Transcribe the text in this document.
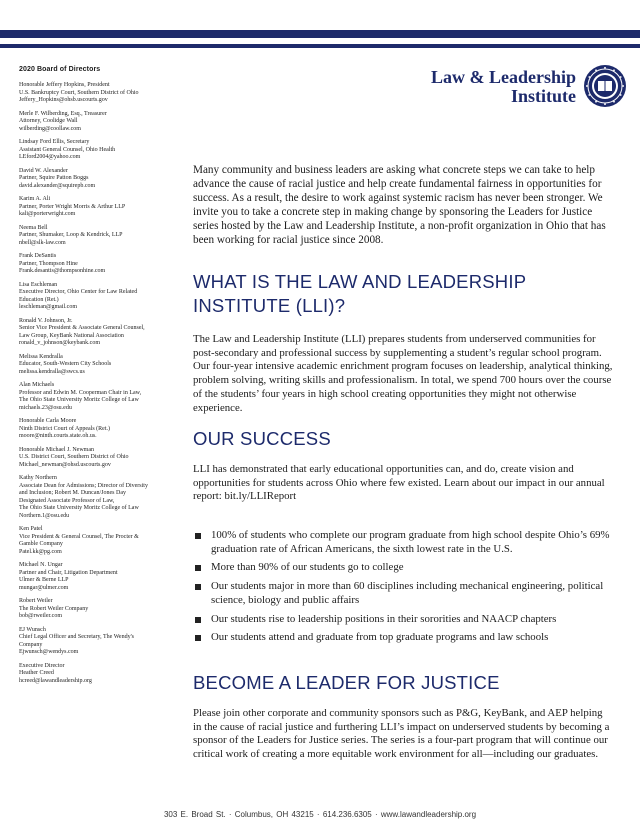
2020 Board of Directors
Honorable Jeffery Hopkins, President
U.S. Bankruptcy Court, Southern District of Ohio
Jeffery_Hopkins@ohsb.uscourts.gov
Merle F. Wilberding, Esq., Treasurer
Attorney, Coolidge Wall
wilberding@coollaw.com
Lindsay Ford Ellis, Secretary
Assistant General Counsel, Ohio Health
LEford2004@yahoo.com
David W. Alexander
Partner, Squire Patton Boggs
david.alexander@squirepb.com
Karim A. Ali
Partner, Porter Wright Morris & Arthur LLP
kali@porterwright.com
Neema Bell
Partner, Shumaker, Loop & Kendrick, LLP
nbell@slk-law.com
Frank DeSantis
Partner, Thompson Hine
Frank.desantis@thompsonhine.com
Lisa Eschleman
Executive Director, Ohio Center for Law Related
Education (Ret.)
leschleman@gmail.com
Ronald V. Johnson, Jr.
Senior Vice President & Associate General Counsel,
Law Group, KeyBank National Association
ronald_v_johnson@keybank.com
Melissa Kendralla
Educator, South-Western City Schools
melissa.kendralla@swcs.us
Alan Michaels
Professor and Edwin M. Cooperman Chair in Law,
The Ohio State University Moritz College of Law
michaels.23@osu.edu
Honorable Carla Moore
Ninth District Court of Appeals (Ret.)
moore@ninth.courts.state.oh.us.
Honorable Michael J. Newman
U.S. District Court, Southern District of Ohio
Michael_newman@ohsd.uscourts.gov
Kathy Northern
Associate Dean for Admissions; Director of Diversity
and Inclusion; Robert M. Duncan/Jones Day
Designated Associate Professor of Law,
The Ohio State University Moritz College of Law
Northern.1@osu.edu
Ken Patel
Vice President & General Counsel, The Procter &
Gamble Company
Patel.kk@pg.com
Michael N. Ungar
Partner and Chair, Litigation Department
Ulmer & Berne LLP
mungar@ulmer.com
Robert Weiler
The Robert Weiler Company
bob@rweiler.com
EJ Wunsch
Chief Legal Officer and Secretary, The Wendy's
Company
Ejwunsch@wendys.com
Executive Director
Heather Creed
hcreed@lawandleadership.org
Law & Leadership
Institute

Many community and business leaders are asking what concrete steps we can take to help advance the cause of racial justice and help create fundamental fairness in opportunities for success. As a result, the desire to work against systemic racism has never been stronger. We invite you to take a concrete step in making change by sponsoring the Leaders for Justice series hosted by the Law and Leadership Institute, a non-profit organization in Ohio that has been working for racial justice since 2008.

WHAT IS THE LAW AND LEADERSHIP INSTITUTE (LLI)?

The Law and Leadership Institute (LLI) prepares students from underserved communities for post-secondary and professional success by supplementing a student’s regular school program. Our four-year intensive academic enrichment program focuses on leadership, analytical thinking, problem solving, writing skills and professionalism. In total, we spend 700 hours over the course of the students’ four years in high school creating opportunities they might not otherwise experience.

OUR SUCCESS

LLI has demonstrated that early educational opportunities can, and do, create vision and opportunities for students across Ohio where few existed. Learn about our impact in our annual report: bit.ly/LLIReport

100% of students who complete our program graduate from high school despite Ohio’s 69% graduation rate of African Americans, the sixth lowest rate in the U.S.
More than 90% of our students go to college
Our students major in more than 60 disciplines including mechanical engineering, political science, biology and public affairs
Our students rise to leadership positions in their sororities and NAACP chapters
Our students attend and graduate from top graduate programs and law schools
BECOME A LEADER FOR JUSTICE

Please join other corporate and community sponsors such as P&G, KeyBank, and AEP helping in the cause of racial justice and furthering LLI’s impact on underserved students by becoming a sponsor of the Leaders for Justice series. The series is a four-part program that will continue our critical work of creating a more equitable work environment for all—including our graduates.

303 E. Broad St. · Columbus, OH 43215 · 614.236.6305 · www.lawandleadership.org
